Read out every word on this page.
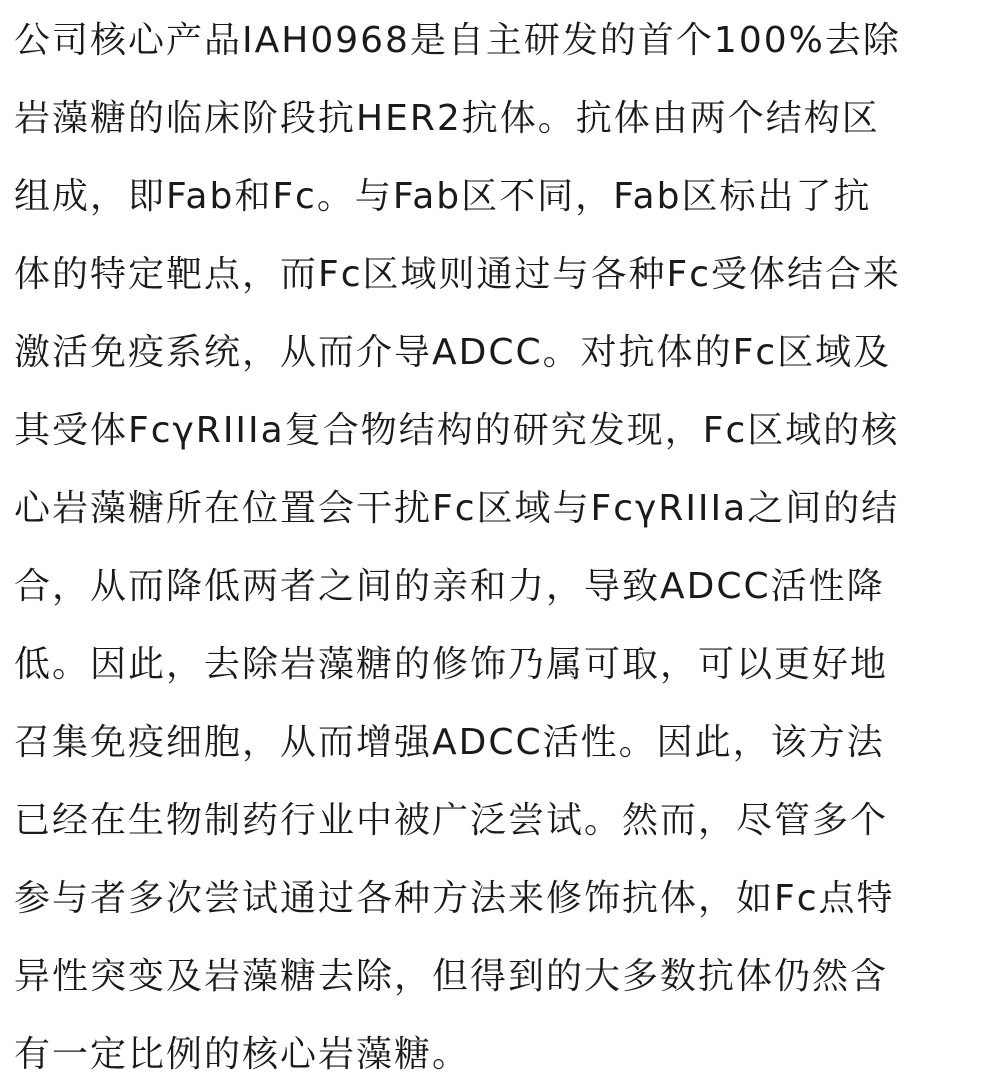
公司核心产品IAH0968是自主研发的首个100%去除
岩藻糖的临床阶段抗HER2抗体。抗体由两个结构区
组成，即Fab和Fc。与Fab区不同，Fab区标出了抗
体的特定靶点，而Fc区域则通过与各种Fc受体结合来
激活免疫系统，从而介导ADCC。对抗体的Fc区域及
其受体FcγRIIIa复合物结构的研究发现，Fc区域的核
心岩藻糖所在位置会干扰Fc区域与FcγRIIIa之间的结
合，从而降低两者之间的亲和力，导致ADCC活性降
低。因此，去除岩藻糖的修饰乃属可取，可以更好地
召集免疫细胞，从而增强ADCC活性。因此，该方法
已经在生物制药行业中被广泛尝试。然而，尽管多个
参与者多次尝试通过各种方法来修饰抗体，如Fc点特
异性突变及岩藻糖去除，但得到的大多数抗体仍然含
有一定比例的核心岩藻糖。
